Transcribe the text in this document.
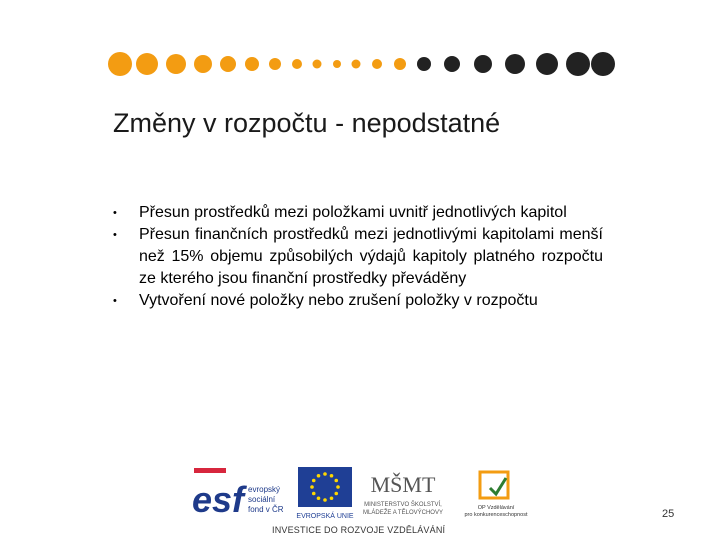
Změny v rozpočtu - nepodstatné
• Přesun prostředků mezi položkami uvnitř jednotlivých kapitol
• Přesun finančních prostředků mezi jednotlivými kapitolami menší než 15% objemu způsobilých výdajů kapitoly platného rozpočtu ze kterého jsou finanční prostředky převáděny
• Vytvoření nové položky nebo zrušení položky v rozpočtu
esf evropský
sociální
fond v ČR
EVROPSKÁ UNIE
MŠMT
MINISTERSTVO ŠKOLSTVÍ,
MLÁDEŽE A TĚLOVÝCHOVY
OP Vzdělávání
pro konkurenceschopnost
INVESTICE DO ROZVOJE VZDĚLÁVÁNÍ
25
